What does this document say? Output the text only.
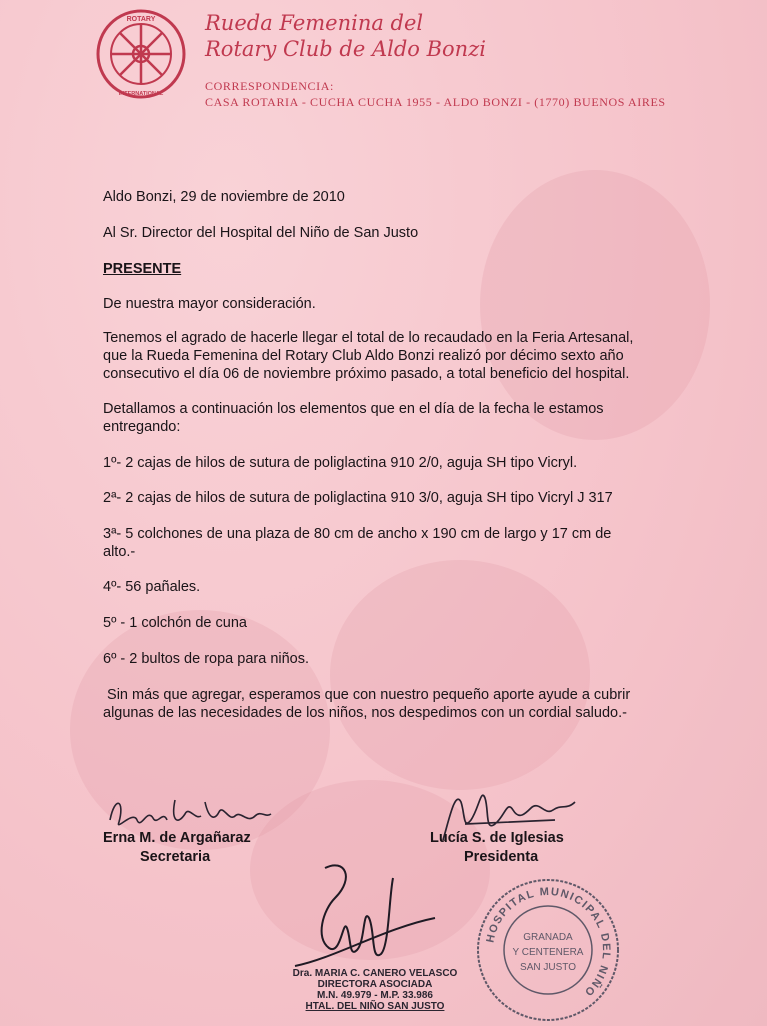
ROTARY
INTERNATIONAL
Rueda Femenina del
Rotary Club de Aldo Bonzi
CORRESPONDENCIA:
CASA ROTARIA - CUCHA CUCHA 1955 - ALDO BONZI - (1770) BUENOS AIRES
Aldo Bonzi, 29 de noviembre de 2010
Al Sr. Director del Hospital del Niño de San Justo
PRESENTE
De nuestra mayor consideración.
Tenemos el agrado de hacerle llegar el total de lo recaudado en la Feria Artesanal,
que la Rueda Femenina del Rotary Club Aldo Bonzi realizó por décimo sexto año
consecutivo el día 06 de noviembre próximo pasado, a total beneficio del hospital.
Detallamos a continuación los elementos que en el día de la fecha le estamos
entregando:
1º- 2 cajas de hilos de sutura de poliglactina 910 2/0, aguja SH tipo Vicryl.
2ª- 2 cajas de hilos de sutura de poliglactina 910 3/0, aguja SH tipo Vicryl J 317
3ª- 5 colchones de una plaza de 80 cm de ancho x 190 cm de largo y 17 cm de
alto.-
4º- 56 pañales.
5º - 1 colchón de cuna
6º - 2 bultos de ropa para niños.
Sin más que agregar, esperamos que con nuestro pequeño aporte ayude a cubrir
algunas de las necesidades de los niños, nos despedimos con un cordial saludo.-
Erna M. de Argañaraz
Secretaria
Lucía S. de Iglesias
Presidenta
Dra. MARIA C. CANERO VELASCO
DIRECTORA ASOCIADA
M.N. 49.979 - M.P. 33.986
HTAL. DEL NIÑO SAN JUSTO
HOSPITAL MUNICIPAL DEL NIÑO
GRANADA
Y CENTENERA
SAN JUSTO
